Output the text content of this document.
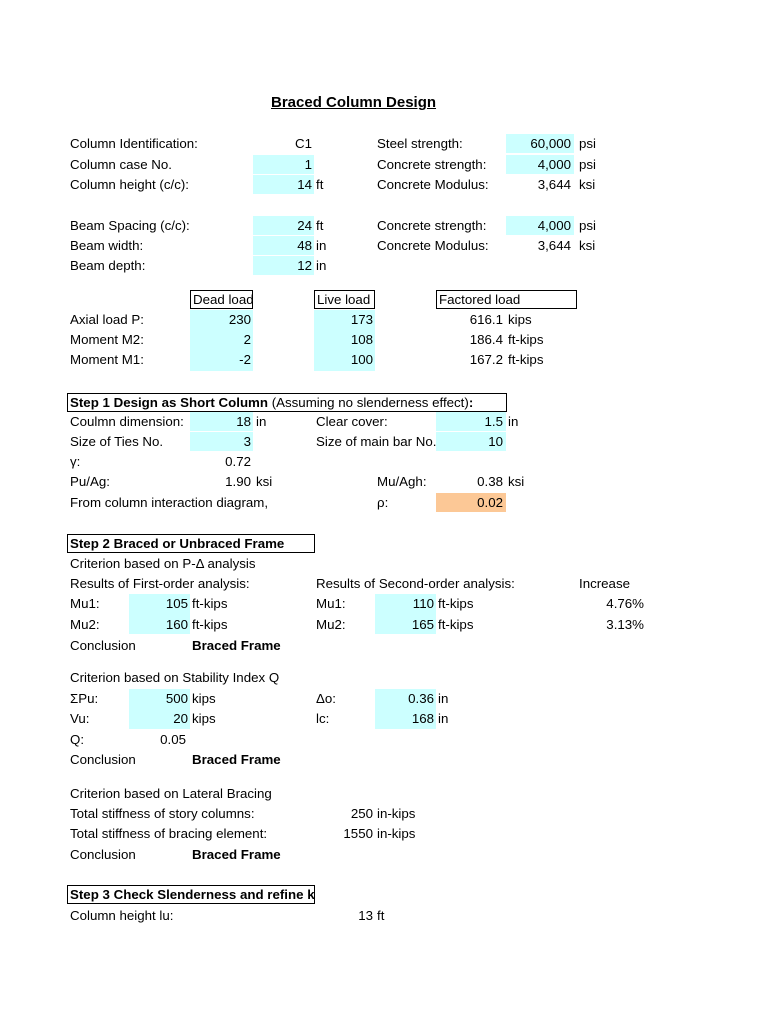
Braced Column Design
Column Identification:	C1	Steel strength:	60,000 psi
Column case No.	1	Concrete strength:	4,000 psi
Column height (c/c):	14 ft	Concrete Modulus:	3,644 ksi
Beam Spacing (c/c):	24 ft	Concrete strength:	4,000 psi
Beam width:	48 in	Concrete Modulus:	3,644 ksi
Beam depth:	12 in
Dead load	Live load	Factored load
Axial load P:	230	173	616.1 kips
Moment M2:	2	108	186.4 ft-kips
Moment M1:	-2	100	167.2 ft-kips
Step 1 Design as Short Column (Assuming no slenderness effect):
Coulmn dimension:	18 in	Clear cover:	1.5 in
Size of Ties No.	3	Size of main bar No.	10
γ:	0.72
Pu/Ag:	1.90 ksi	Mu/Agh:	0.38 ksi
From column interaction diagram,	ρ:	0.02
Step 2 Braced or Unbraced Frame
Criterion based on P-Δ analysis
Results of First-order analysis:	Results of Second-order analysis:	Increase
Mu1:	105 ft-kips	Mu1:	110 ft-kips	4.76%
Mu2:	160 ft-kips	Mu2:	165 ft-kips	3.13%
Conclusion	Braced Frame
Criterion based on Stability Index Q
ΣPu:	500 kips	Δo:	0.36 in
Vu:	20 kips	lc:	168 in
Q:	0.05
Conclusion	Braced Frame
Criterion based on Lateral Bracing
Total stiffness of story columns:	250 in-kips
Total stiffness of bracing element:	1550 in-kips
Conclusion	Braced Frame
Step 3 Check Slenderness and refine k
Column height lu:	13 ft
